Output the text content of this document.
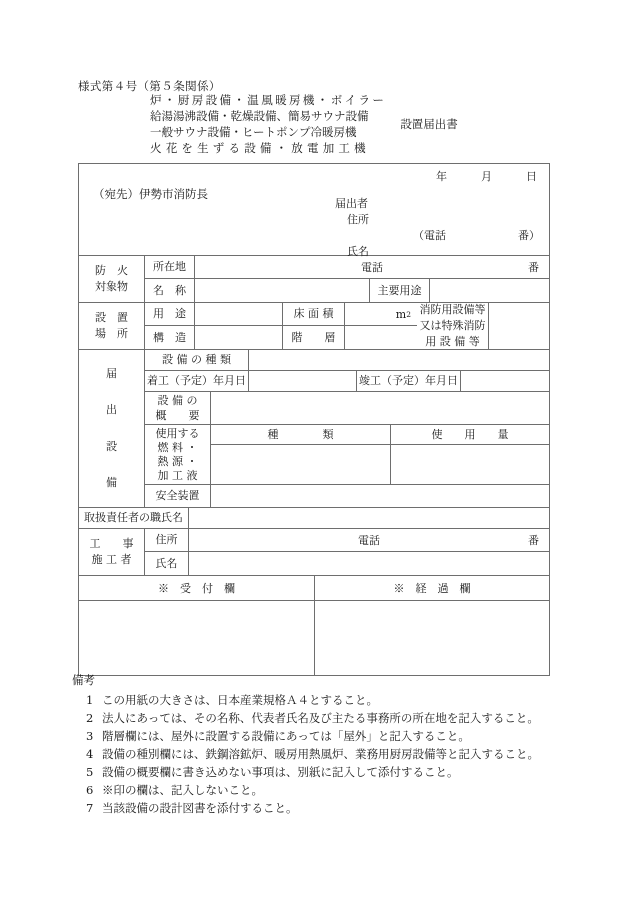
様式第４号（第５条関係）
炉・厨房設備・温風暖房機・ボイラー
給湯湯沸設備・乾燥設備、簡易サウナ設備
一般サウナ設備・ヒートポンプ冷暖房機
火花を生ずる設備・放電加工機
設置届出書
年	月	日
（宛先）伊勢市消防長
届出者
住所
（電話	番）
氏名
防　火
対象物
所在地	電話	番
名　称	主要用途
設　置
場　所
用　途	床 面 積	m 2
構　造	階　　層
消防用設備等
又は特殊消防
用 設 備 等
届
出
設
備
設 備 の 種 類
着工（予定）年月日	竣工（予定）年月日
設 備 の
概　　要
使用する
燃 料 ・
熱 源 ・
加 工 液
種　　　　類	使　　用　　量
安全装置
取扱責任者の職氏名
工　　事
施 工 者
住所	電話	番
氏名
※　受　付　欄	※　経　過　欄
備考
1 この用紙の大きさは、日本産業規格Ａ４とすること。
2 法人にあっては、その名称、代表者氏名及び主たる事務所の所在地を記入すること。
3 階層欄には、屋外に設置する設備にあっては「屋外」と記入すること。
4 設備の種別欄には、鉄鋼溶鉱炉、暖房用熱風炉、業務用厨房設備等と記入すること。
5 設備の概要欄に書き込めない事項は、別紙に記入して添付すること。
6 ※印の欄は、記入しないこと。
7 当該設備の設計図書を添付すること。
